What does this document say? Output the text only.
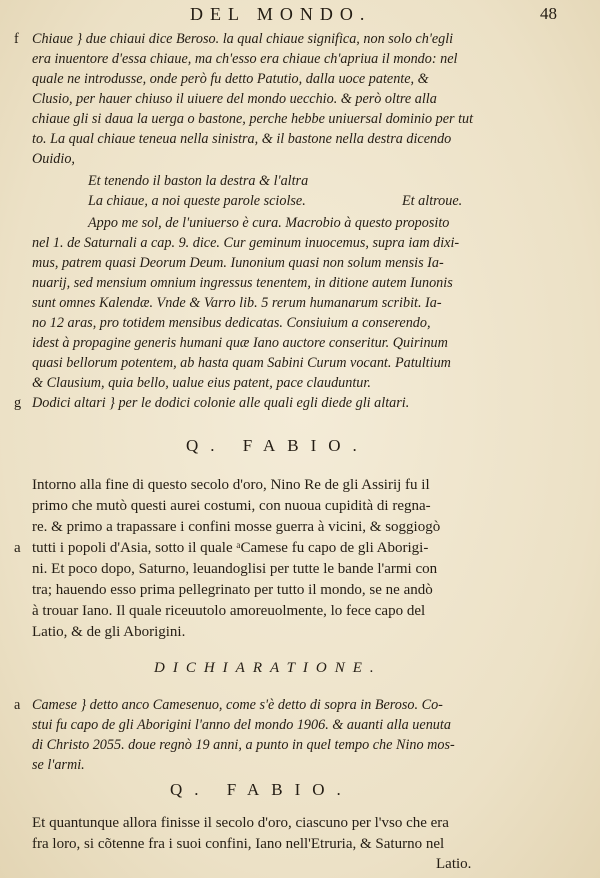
DEL MONDO.	48
f Chiaue } due chiaui dice Beroso. la qual chiaue significa, non solo ch'egli
era inuentore d'essa chiaue, ma ch'esso era chiaue ch'apriua il mondo: nel
quale ne introdusse, onde però fu detto Patutio, dalla uoce patente, &
Clusio, per hauer chiuso il uiuere del mondo uecchio. & però oltre alla
chiaue gli si daua la uerga o bastone, perche hebbe uniuersal dominio per tut
to. La qual chiaue teneua nella sinistra, & il bastone nella destra dicendo
Ouidio,
Et tenendo il baston la destra & l'altra
La chiaue, a noi queste parole sciolse.	Et altroue.
Appo me sol, de l'uniuerso è cura. Macrobio à questo proposito
nel 1. de Saturnali a cap. 9. dice. Cur geminum inuocemus, supra iam dixi-
mus, patrem quasi Deorum Deum. Iunonium quasi non solum mensis Ia-
nuarij, sed mensium omnium ingressus tenentem, in ditione autem Iunonis
sunt omnes Kalendæ. Vnde & Varro lib. 5 rerum humanarum scribit. Ia-
no 12 aras, pro totidem mensibus dedicatas. Consiuium a conserendo,
idest à propagine generis humani quæ Iano auctore conseritur. Quirinum
quasi bellorum potentem, ab hasta quam Sabini Curum vocant. Patultium
& Clausium, quia bello, ualue eius patent, pace clauduntur.
g Dodici altari } per le dodici colonie alle quali egli diede gli altari.
Q. FABIO.
Intorno alla fine di questo secolo d'oro, Nino Re de gli Assirij fu il
primo che mutò questi aurei costumi, con nuoua cupidità di regna-
re. & primo a trapassare i confini mosse guerra à vicini, & soggiogò
a tutti i popoli d'Asia, sotto il quale ᵃCamese fu capo de gli Aborigi-
ni. Et poco dopo, Saturno, leuandoglisi per tutte le bande l'armi con
tra; hauendo esso prima pellegrinato per tutto il mondo, se ne andò
à trouar Iano. Il quale riceuutolo amoreuolmente, lo fece capo del
Latio, & de gli Aborigini.
DICHIARATIONE.
a Camese } detto anco Camesenuo, come s'è detto di sopra in Beroso. Co-
stui fu capo de gli Aborigini l'anno del mondo 1906. & auanti alla uenuta
di Christo 2055. doue regnò 19 anni, a punto in quel tempo che Nino mos-
se l'armi.
Q. FABIO.
Et quantunque allora finisse il secolo d'oro, ciascuno per l'vso che era
fra loro, si cõtenne fra i suoi confini, Iano nell'Etruria, & Saturno nel
Latio.
